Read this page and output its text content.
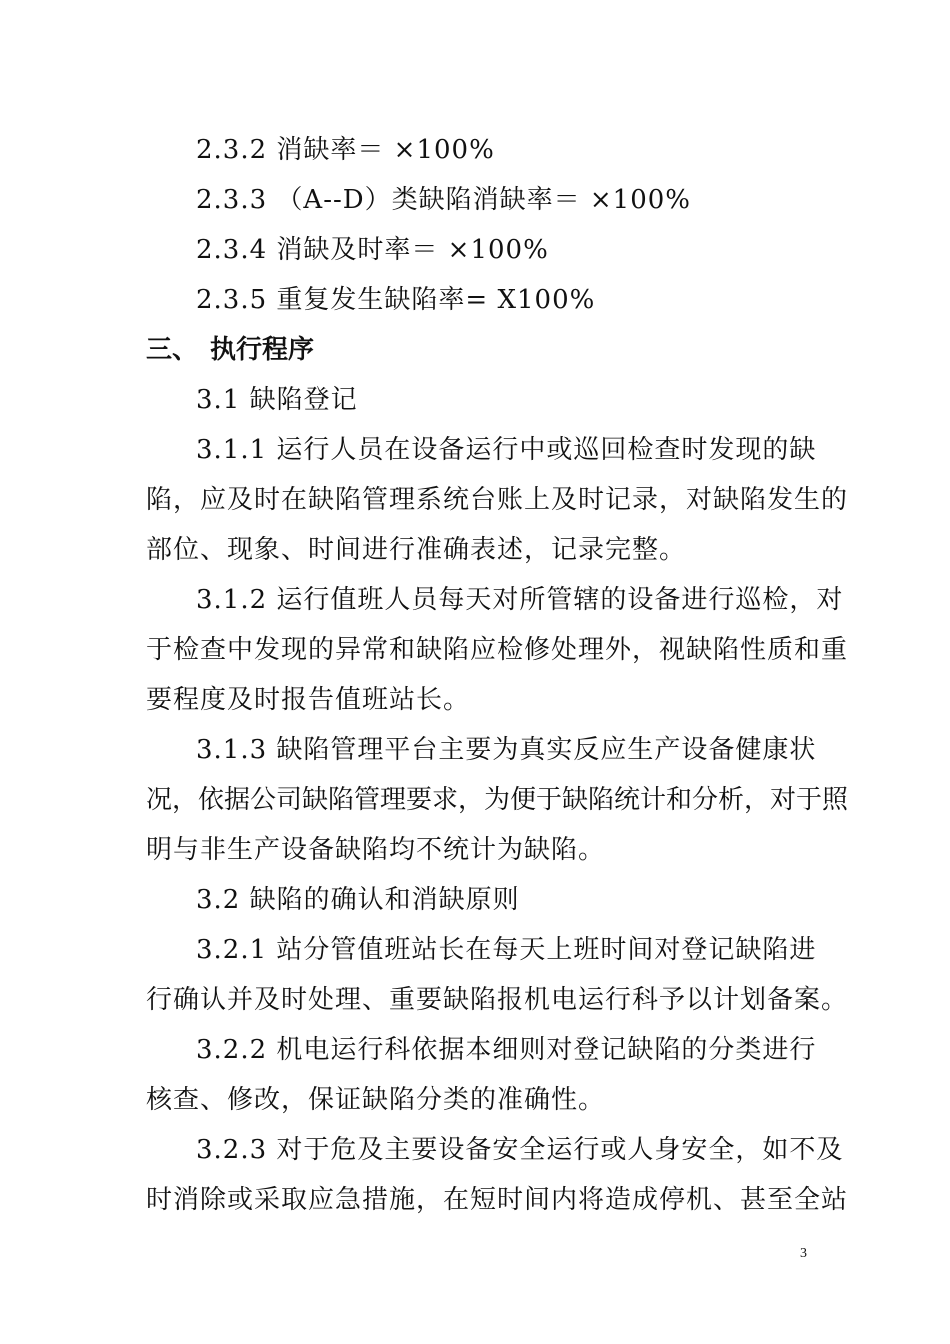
2.3.2 消缺率＝ ×100%
2.3.3 （A--D）类缺陷消缺率＝ ×100%
2.3.4 消缺及时率＝ ×100%
2.3.5 重复发生缺陷率= X100%
三、 执行程序
3.1 缺陷登记
3.1.1 运行人员在设备运行中或巡回检查时发现的缺
陷，应及时在缺陷管理系统台账上及时记录，对缺陷发生的
部位、现象、时间进行准确表述，记录完整。
3.1.2 运行值班人员每天对所管辖的设备进行巡检，对
于检查中发现的异常和缺陷应检修处理外，视缺陷性质和重
要程度及时报告值班站长。
3.1.3 缺陷管理平台主要为真实反应生产设备健康状
况，依据公司缺陷管理要求，为便于缺陷统计和分析，对于照
明与非生产设备缺陷均不统计为缺陷。
3.2 缺陷的确认和消缺原则
3.2.1 站分管值班站长在每天上班时间对登记缺陷进
行确认并及时处理、重要缺陷报机电运行科予以计划备案。
3.2.2 机电运行科依据本细则对登记缺陷的分类进行
核查、修改，保证缺陷分类的准确性。
3.2.3 对于危及主要设备安全运行或人身安全，如不及
时消除或采取应急措施，在短时间内将造成停机、甚至全站
3
